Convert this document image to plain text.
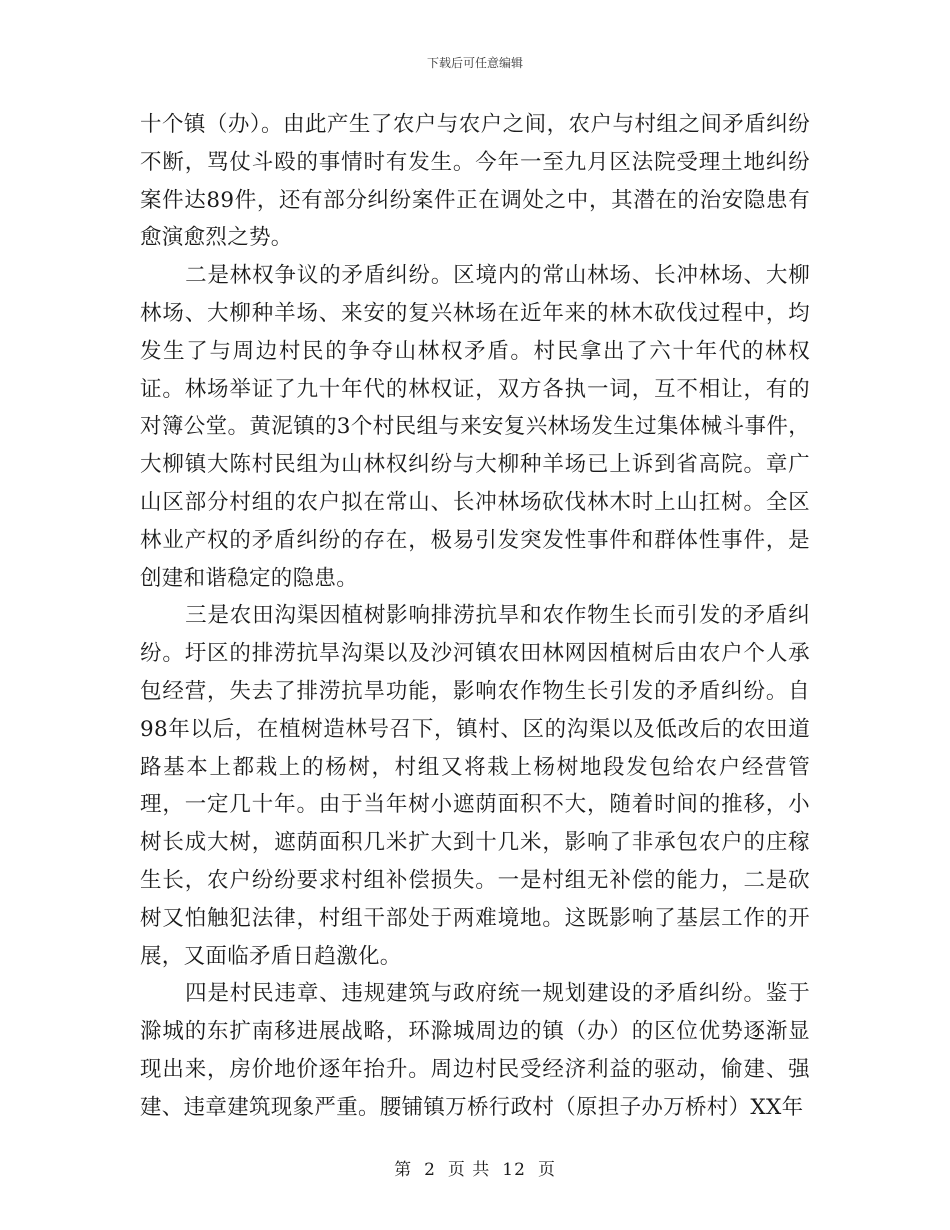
下载后可任意编辑

十个镇（办）。由此产生了农户与农户之间，农户与村组之间矛盾纠纷不断，骂仗斗殴的事情时有发生。今年一至九月区法院受理土地纠纷案件达89件，还有部分纠纷案件正在调处之中，其潜在的治安隐患有愈演愈烈之势。

二是林权争议的矛盾纠纷。区境内的常山林场、长冲林场、大柳林场、大柳种羊场、来安的复兴林场在近年来的林木砍伐过程中，均发生了与周边村民的争夺山林权矛盾。村民拿出了六十年代的林权证。林场举证了九十年代的林权证，双方各执一词，互不相让，有的对簿公堂。黄泥镇的3个村民组与来安复兴林场发生过集体械斗事件，大柳镇大陈村民组为山林权纠纷与大柳种羊场已上诉到省高院。章广山区部分村组的农户拟在常山、长冲林场砍伐林木时上山扛树。全区林业产权的矛盾纠纷的存在，极易引发突发性事件和群体性事件，是创建和谐稳定的隐患。

三是农田沟渠因植树影响排涝抗旱和农作物生长而引发的矛盾纠纷。圩区的排涝抗旱沟渠以及沙河镇农田林网因植树后由农户个人承包经营，失去了排涝抗旱功能，影响农作物生长引发的矛盾纠纷。自98年以后，在植树造林号召下，镇村、区的沟渠以及低改后的农田道路基本上都栽上的杨树，村组又将栽上杨树地段发包给农户经营管理，一定几十年。由于当年树小遮荫面积不大，随着时间的推移，小树长成大树，遮荫面积几米扩大到十几米，影响了非承包农户的庄稼生长，农户纷纷要求村组补偿损失。一是村组无补偿的能力，二是砍树又怕触犯法律，村组干部处于两难境地。这既影响了基层工作的开展，又面临矛盾日趋激化。

四是村民违章、违规建筑与政府统一规划建设的矛盾纠纷。鉴于滁城的东扩南移进展战略，环滁城周边的镇（办）的区位优势逐渐显现出来，房价地价逐年抬升。周边村民受经济利益的驱动，偷建、强建、违章建筑现象严重。腰铺镇万桥行政村（原担子办万桥村）XX年

第 2 页 共 12 页
